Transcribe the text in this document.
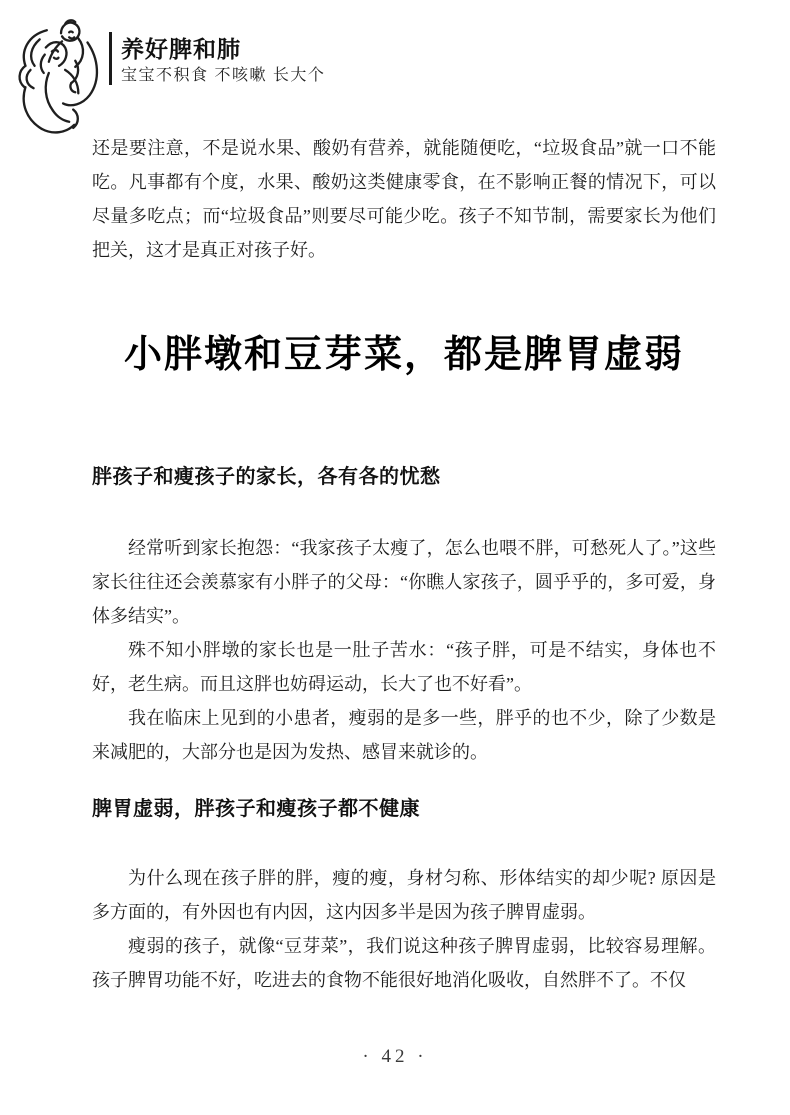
养好脾和肺
宝宝不积食 不咳嗽 长大个

还是要注意，不是说水果、酸奶有营养，就能随便吃，“垃圾食品”就一口不能吃。凡事都有个度，水果、酸奶这类健康零食，在不影响正餐的情况下，可以尽量多吃点；而“垃圾食品”则要尽可能少吃。孩子不知节制，需要家长为他们把关，这才是真正对孩子好。

小胖墩和豆芽菜，都是脾胃虚弱
胖孩子和瘦孩子的家长，各有各的忧愁

经常听到家长抱怨：“我家孩子太瘦了，怎么也喂不胖，可愁死人了。”这些家长往往还会羡慕家有小胖子的父母：“你瞧人家孩子，圆乎乎的，多可爱，身体多结实”。

殊不知小胖墩的家长也是一肚子苦水：“孩子胖，可是不结实，身体也不好，老生病。而且这胖也妨碍运动，长大了也不好看”。

我在临床上见到的小患者，瘦弱的是多一些，胖乎的也不少，除了少数是来减肥的，大部分也是因为发热、感冒来就诊的。

脾胃虚弱，胖孩子和瘦孩子都不健康

为什么现在孩子胖的胖，瘦的瘦，身材匀称、形体结实的却少呢? 原因是多方面的，有外因也有内因，这内因多半是因为孩子脾胃虚弱。

瘦弱的孩子，就像“豆芽菜”，我们说这种孩子脾胃虚弱，比较容易理解。孩子脾胃功能不好，吃进去的食物不能很好地消化吸收，自然胖不了。不仅

· 42 ·
